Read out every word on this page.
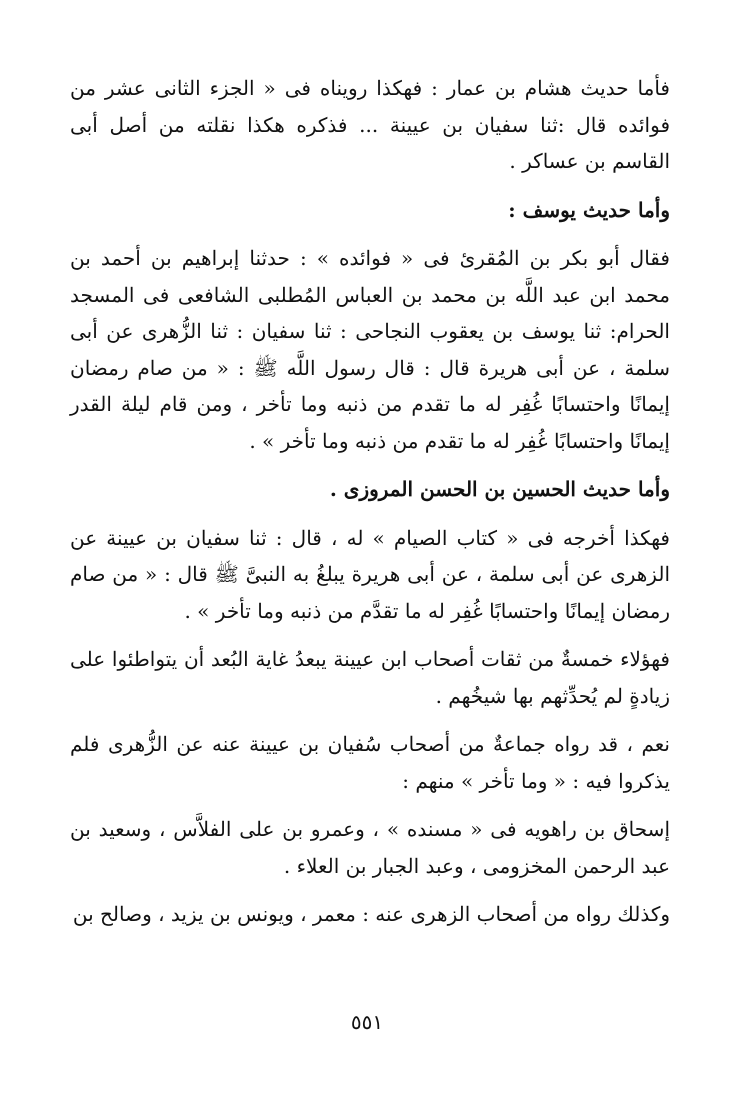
فأما حديث هشام بن عمار : فهكذا رويناه فى « الجزء الثانى عشر من فوائده قال :ثنا سفيان بن عيينة ... فذكره هكذا نقلته من أصل أبى القاسم بن عساكر .

وأما حديث يوسف :

فقال أبو بكر بن المُقرئ فى « فوائده » : حدثنا إبراهيم بن أحمد بن محمد ابن عبد اللَّه بن محمد بن العباس المُطلبى الشافعى فى المسجد الحرام: ثنا يوسف بن يعقوب النجاحى : ثنا سفيان : ثنا الزُّهرى عن أبى سلمة ، عن أبى هريرة قال : قال رسول اللَّه ﷺ : « من صام رمضان إيمانًا واحتسابًا غُفِر له ما تقدم من ذنبه وما تأخر ، ومن قام ليلة القدر إيمانًا واحتسابًا غُفِر له ما تقدم من ذنبه وما تأخر » .

وأما حديث الحسين بن الحسن المروزى .

فهكذا أخرجه فى « كتاب الصيام » له ، قال : ثنا سفيان بن عيينة عن الزهرى عن أبى سلمة ، عن أبى هريرة يبلغُ به النبىَّ ﷺ قال : « من صام رمضان إيمانًا واحتسابًا غُفِر له ما تقدَّم من ذنبه وما تأخر » .

فهؤلاء خمسةٌ من ثقات أصحاب ابن عيينة يبعدُ غاية البُعد أن يتواطئوا على زيادةٍ لم يُحدِّثهم بها شيخُهم .

نعم ، قد رواه جماعةٌ من أصحاب سُفيان بن عيينة عنه عن الزُّهرى فلم يذكروا فيه : « وما تأخر » منهم :

إسحاق بن راهويه فى « مسنده » ، وعمرو بن على الفلاَّس ، وسعيد بن عبد الرحمن المخزومى ، وعبد الجبار بن العلاء .

وكذلك رواه من أصحاب الزهرى عنه : معمر ، ويونس بن يزيد ، وصالح بن

٥٥١
